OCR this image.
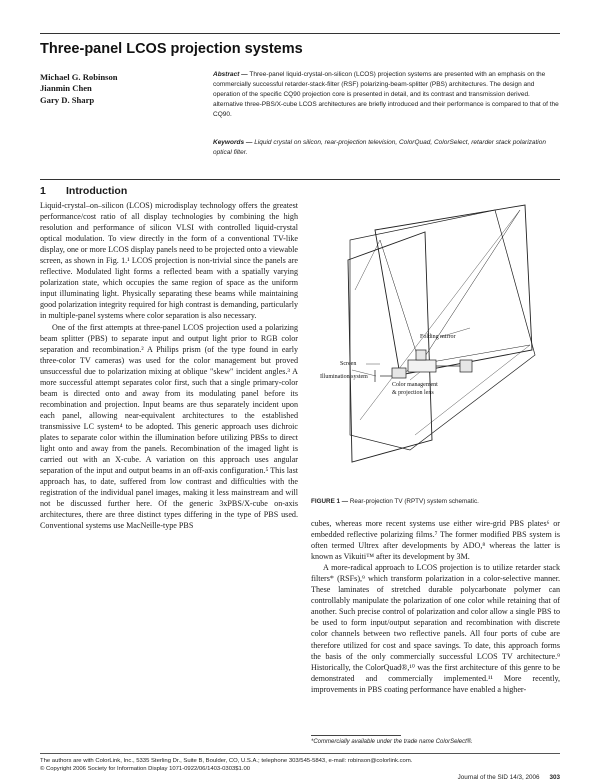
Three-panel LCOS projection systems
Michael G. Robinson
Jianmin Chen
Gary D. Sharp
Abstract — Three-panel liquid-crystal-on-silicon (LCOS) projection systems are presented with an emphasis on the commercially successful retarder-stack-filter (RSF) polarizing-beam-splitter (PBS) architectures. The design and operation of the specific CQ90 projection core is presented in detail, and its contrast and transmission derived. alternative three-PBS/X-cube LCOS architectures are briefly introduced and their performance is compared to that of the CQ90.
Keywords — Liquid crystal on silicon, rear-projection television, ColorQuad, ColorSelect, retarder stack polarization optical filter.
1 Introduction

Liquid-crystal–on–silicon (LCOS) microdisplay technology offers the greatest performance/cost ratio of all display technologies by combining the high resolution and performance of silicon VLSI with controlled liquid-crystal optical modulation. To view directly in the form of a conventional TV-like display, one or more LCOS display panels need to be projected onto a viewable screen, as shown in Fig. 1.¹ LCOS projection is non-trivial since the panels are reflective. Modulated light forms a reflected beam with a spatially varying polarization state, which occupies the same region of space as the uniform input illuminating light. Physically separating these beams while maintaining good polarization integrity required for high contrast is demanding, particularly in multiple-panel systems where color separation is also necessary.

One of the first attempts at three-panel LCOS projection used a polarizing beam splitter (PBS) to separate input and output light prior to RGB color separation and recombination.² A Philips prism (of the type found in early three-color TV cameras) was used for the color management but proved unsuccessful due to polarization mixing at oblique "skew" incident angles.³ A more successful attempt separates color first, such that a single primary-color beam is directed onto and away from its modulating panel before its recombination and projection. Input beams are thus separately incident upon each panel, allowing near-equivalent architectures to the established transmissive LC system⁴ to be adopted. This generic approach uses dichroic plates to separate color within the illumination before utilizing PBSs to direct light onto and away from the panels. Recombination of the imaged light is carried out with an X-cube. A variation on this approach uses angular separation of the input and output beams in an off-axis configuration.⁵ This last approach has, to date, suffered from low contrast and difficulties with the registration of the individual panel images, making it less mainstream and will not be discussed further here. Of the generic 3xPBS/X-cube on-axis architectures, there are three distinct types differing in the type of PBS used. Conventional systems use MacNeille-type PBS

Folding mirror
Screen
Illumination system
Color management
& projection lens
FIGURE 1 — Rear-projection TV (RPTV) system schematic.

cubes, whereas more recent systems use either wire-grid PBS plates⁶ or embedded reflective polarizing films.⁷ The former modified PBS system is often termed Ultrex after developments by ADO,⁸ whereas the latter is known as Vikuiti™ after its development by 3M.

A more-radical approach to LCOS projection is to utilize retarder stack filters* (RSFs),⁹ which transform polarization in a color-selective manner. These laminates of stretched durable polycarbonate polymer can controllably manipulate the polarization of one color while retaining that of another. Such precise control of polarization and color allow a single PBS to be used to form input/output separation and recombination with discrete color channels between two reflective panels. All four ports of cube are therefore utilized for cost and space savings. To date, this approach forms the basis of the only commercially successful LCOS TV architecture.⁹ Historically, the ColorQuad®,¹⁰ was the first architecture of this genre to be demonstrated and commercially implemented.¹¹ More recently, improvements in PBS coating performance have enabled a higher-

*Commercially available under the trade name ColorSelect®.
The authors are with ColorLink, Inc., 5335 Sterling Dr., Suite B, Boulder, CO, U.S.A.; telephone 303/545-5843, e-mail: robinson@colorlink.com.
© Copyright 2006 Society for Information Display 1071-0922/06/1403-0303$1.00
Journal of the SID 14/3, 2006 303
